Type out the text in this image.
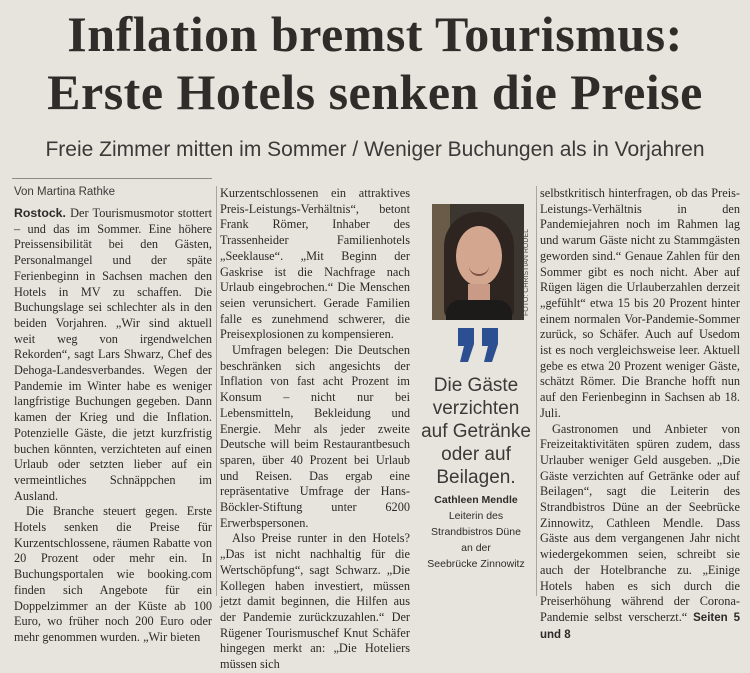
Inflation bremst Tourismus:
Erste Hotels senken die Preise
Freie Zimmer mitten im Sommer / Weniger Buchungen als in Vorjahren
Von Martina Rathke

Rostock. Der Tourismusmotor stottert – und das im Sommer. Eine höhere Preissensibilität bei den Gästen, Personalmangel und der späte Ferienbeginn in Sachsen machen den Hotels in MV zu schaffen. Die Buchungslage sei schlechter als in den beiden Vorjahren. „Wir sind aktuell weit weg von irgendwelchen Rekorden“, sagt Lars Shwarz, Chef des Dehoga-Landesverbandes. Wegen der Pandemie im Winter habe es weniger langfristige Buchungen gegeben. Dann kamen der Krieg und die Inflation. Potenzielle Gäste, die jetzt kurzfristig buchen könnten, verzichteten auf einen Urlaub oder setzten lieber auf ein vermeintliches Schnäppchen im Ausland.

Die Branche steuert gegen. Erste Hotels senken die Preise für Kurzentschlossene, räumen Rabatte von 20 Prozent oder mehr ein. In Buchungsportalen wie booking.com finden sich Angebote für ein Doppelzimmer an der Küste ab 100 Euro, wo früher noch 200 Euro oder mehr genommen wurden. „Wir bieten

Kurzentschlossenen ein attraktives Preis-Leistungs-Verhältnis“, betont Frank Römer, Inhaber des Trassenheider Familienhotels „Seeklause“. „Mit Beginn der Gaskrise ist die Nachfrage nach Urlaub eingebrochen.“ Die Menschen seien verunsichert. Gerade Familien falle es zunehmend schwerer, die Preisexplosionen zu kompensieren.

Umfragen belegen: Die Deutschen beschränken sich angesichts der Inflation von fast acht Prozent im Konsum – nicht nur bei Lebensmitteln, Bekleidung und Energie. Mehr als jeder zweite Deutsche will beim Restaurantbesuch sparen, über 40 Prozent bei Urlaub und Reisen. Das ergab eine repräsentative Umfrage der Hans-Böckler-Stiftung unter 6200 Erwerbspersonen.

Also Preise runter in den Hotels? „Das ist nicht nachhaltig für die Wertschöpfung“, sagt Schwarz. „Die Kollegen haben investiert, müssen jetzt damit beginnen, die Hilfen aus der Pandemie zurückzuzahlen.“ Der Rügener Tourismuschef Knut Schäfer hingegen merkt an: „Die Hoteliers müssen sich

FOTO: CHRISTIAN RÖDEL
Die Gäste verzichten auf Getränke oder auf Beilagen.
Cathleen Mendle
Leiterin des
Strandbistros Düne
an der
Seebrücke Zinnowitz

selbstkritisch hinterfragen, ob das Preis-Leistungs-Verhältnis in den Pandemiejahren noch im Rahmen lag und warum Gäste nicht zu Stammgästen geworden sind.“ Genaue Zahlen für den Sommer gibt es noch nicht. Aber auf Rügen lägen die Urlauberzahlen derzeit „gefühlt“ etwa 15 bis 20 Prozent hinter einem normalen Vor-Pandemie-Sommer zurück, so Schäfer. Auch auf Usedom ist es noch vergleichsweise leer. Aktuell gebe es etwa 20 Prozent weniger Gäste, schätzt Römer. Die Branche hofft nun auf den Ferienbeginn in Sachsen ab 18. Juli.

Gastronomen und Anbieter von Freizeitaktivitäten spüren zudem, dass Urlauber weniger Geld ausgeben. „Die Gäste verzichten auf Getränke oder auf Beilagen“, sagt die Leiterin des Strandbistros Düne an der Seebrücke Zinnowitz, Cathleen Mendle. Dass Gäste aus dem vergangenen Jahr nicht wiedergekommen seien, schreibt sie auch der Hotelbranche zu. „Einige Hotels haben es sich durch die Preiserhöhung während der Corona-Pandemie selbst verscherzt.“ Seiten 5 und 8
